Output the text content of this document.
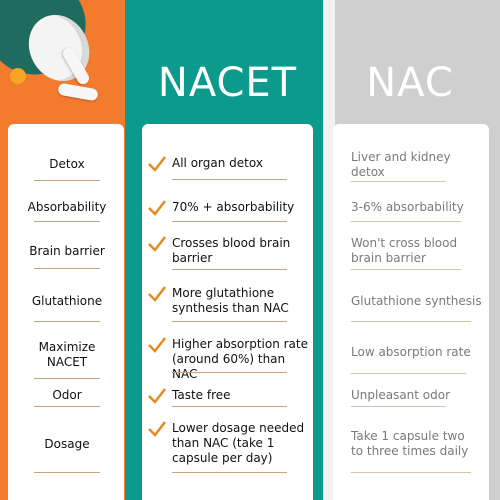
NACET	NAC
Detox
Absorbability
Brain barrier
Glutathione
Maximize NACET
Odor
Dosage
All organ detox
70% + absorbability
Crosses blood brain barrier
More glutathione synthesis than NAC
Higher absorption rate (around 60%) than NAC
Taste free
Lower dosage needed than NAC (take 1 capsule per day)
Liver and kidney detox
3-6% absorbability
Won't cross blood brain barrier
Glutathione synthesis
Low absorption rate
Unpleasant odor
Take 1 capsule two to three times daily
